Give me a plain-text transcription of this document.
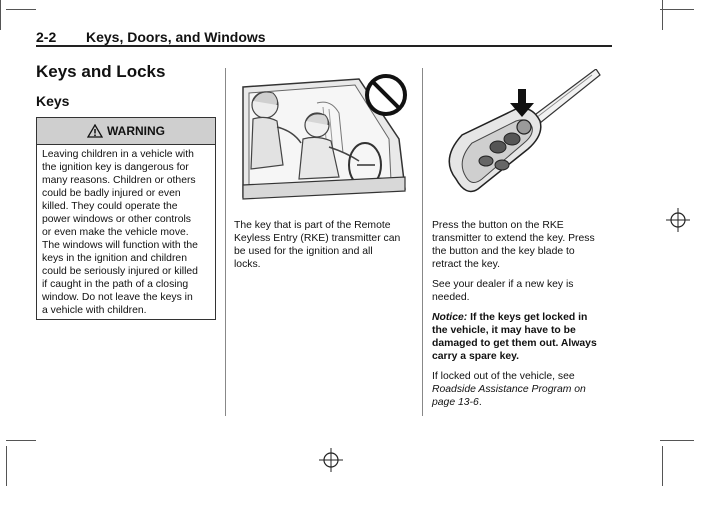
2-2 Keys, Doors, and Windows
Keys and Locks
Keys
WARNING
Leaving children in a vehicle with
the ignition key is dangerous for
many reasons. Children or others
could be badly injured or even
killed. They could operate the
power windows or other controls
or even make the vehicle move.
The windows will function with the
keys in the ignition and children
could be seriously injured or killed
if caught in the path of a closing
window. Do not leave the keys in
a vehicle with children.
The key that is part of the Remote
Keyless Entry (RKE) transmitter can
be used for the ignition and all
locks.

Press the button on the RKE
transmitter to extend the key. Press
the button and the key blade to
retract the key.

See your dealer if a new key is
needed.

Notice: If the keys get locked in
the vehicle, it may have to be
damaged to get them out. Always
carry a spare key.

If locked out of the vehicle, see
Roadside Assistance Program on
page 13-6.
